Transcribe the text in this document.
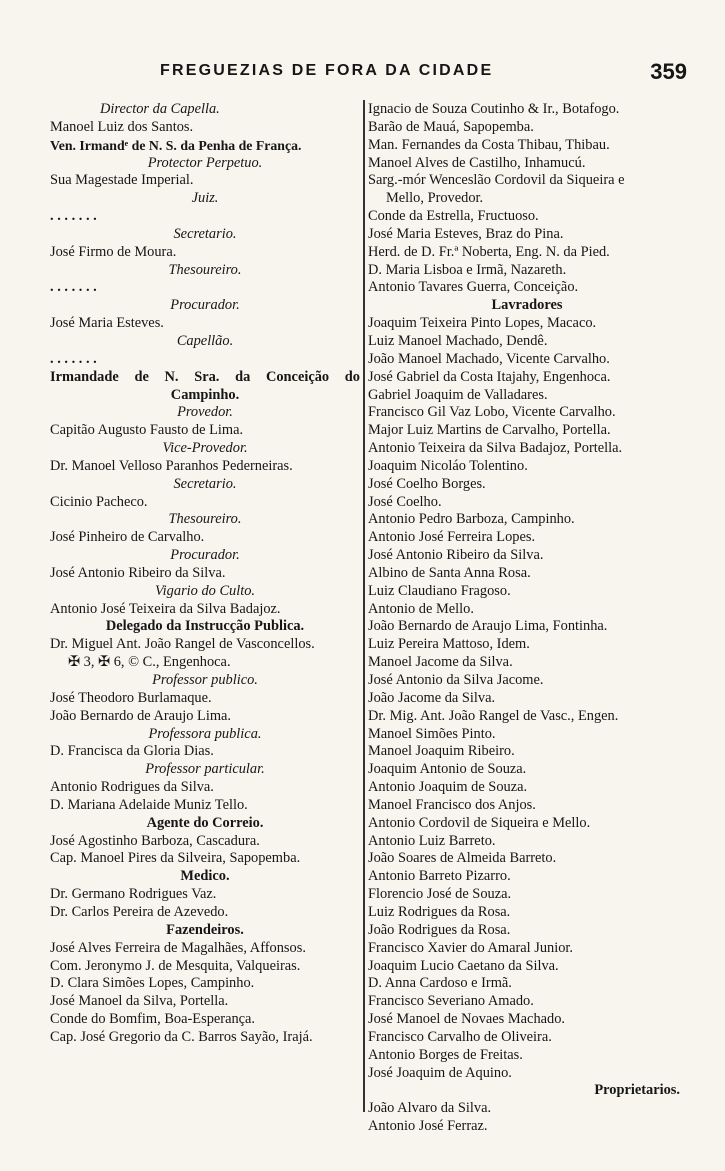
FREGUEZIAS DE FORA DA CIDADE	359
Director da Capella.
Manoel Luiz dos Santos.
Ven. Irmandᵉ de N. S. da Penha de França.
Protector Perpetuo.
Sua Magestade Imperial.
Juiz.
. . . . . . .
Secretario.
José Firmo de Moura.
Thesoureiro.
. . . . . . .
Procurador.
José Maria Esteves.
Capellão.
. . . . . . .
Irmandade de N. Sra. da Conceição do
Campinho.
Provedor.
Capitão Augusto Fausto de Lima.
Vice-Provedor.
Dr. Manoel Velloso Paranhos Pederneiras.
Secretario.
Cicinio Pacheco.
Thesoureiro.
José Pinheiro de Carvalho.
Procurador.
José Antonio Ribeiro da Silva.
Vigario do Culto.
Antonio José Teixeira da Silva Badajoz.
Delegado da Instrucção Publica.
Dr. Miguel Ant. João Rangel de Vasconcellos.
✠ 3, ✠ 6, © C., Engenhoca.
Professor publico.
José Theodoro Burlamaque.
João Bernardo de Araujo Lima.
Professora publica.
D. Francisca da Gloria Dias.
Professor particular.
Antonio Rodrigues da Silva.
D. Mariana Adelaide Muniz Tello.
Agente do Correio.
José Agostinho Barboza, Cascadura.
Cap. Manoel Pires da Silveira, Sapopemba.
Medico.
Dr. Germano Rodrigues Vaz.
Dr. Carlos Pereira de Azevedo.
Fazendeiros.
José Alves Ferreira de Magalhães, Affonsos.
Com. Jeronymo J. de Mesquita, Valqueiras.
D. Clara Simões Lopes, Campinho.
José Manoel da Silva, Portella.
Conde do Bomfim, Boa-Esperança.
Cap. José Gregorio da C. Barros Sayão, Irajá.
Ignacio de Souza Coutinho & Ir., Botafogo.
Barão de Mauá, Sapopemba.
Man. Fernandes da Costa Thibau, Thibau.
Manoel Alves de Castilho, Inhamucú.
Sarg.-mór Wenceslão Cordovil da Siqueira e
Mello, Provedor.
Conde da Estrella, Fructuoso.
José Maria Esteves, Braz do Pina.
Herd. de D. Fr.ª Noberta, Eng. N. da Pied.
D. Maria Lisboa e Irmã, Nazareth.
Antonio Tavares Guerra, Conceição.
Lavradores
Joaquim Teixeira Pinto Lopes, Macaco.
Luiz Manoel Machado, Dendê.
João Manoel Machado, Vicente Carvalho.
José Gabriel da Costa Itajahy, Engenhoca.
Gabriel Joaquim de Valladares.
Francisco Gil Vaz Lobo, Vicente Carvalho.
Major Luiz Martins de Carvalho, Portella.
Antonio Teixeira da Silva Badajoz, Portella.
Joaquim Nicoláo Tolentino.
José Coelho Borges.
José Coelho.
Antonio Pedro Barboza, Campinho.
Antonio José Ferreira Lopes.
José Antonio Ribeiro da Silva.
Albino de Santa Anna Rosa.
Luiz Claudiano Fragoso.
Antonio de Mello.
João Bernardo de Araujo Lima, Fontinha.
Luiz Pereira Mattoso, Idem.
Manoel Jacome da Silva.
José Antonio da Silva Jacome.
João Jacome da Silva.
Dr. Mig. Ant. João Rangel de Vasc., Engen.
Manoel Simões Pinto.
Manoel Joaquim Ribeiro.
Joaquim Antonio de Souza.
Antonio Joaquim de Souza.
Manoel Francisco dos Anjos.
Antonio Cordovil de Siqueira e Mello.
Antonio Luiz Barreto.
João Soares de Almeida Barreto.
Antonio Barreto Pizarro.
Florencio José de Souza.
Luiz Rodrigues da Rosa.
João Rodrigues da Rosa.
Francisco Xavier do Amaral Junior.
Joaquim Lucio Caetano da Silva.
D. Anna Cardoso e Irmã.
Francisco Severiano Amado.
José Manoel de Novaes Machado.
Francisco Carvalho de Oliveira.
Antonio Borges de Freitas.
José Joaquim de Aquino.
Proprietarios.
João Alvaro da Silva.
Antonio José Ferraz.
